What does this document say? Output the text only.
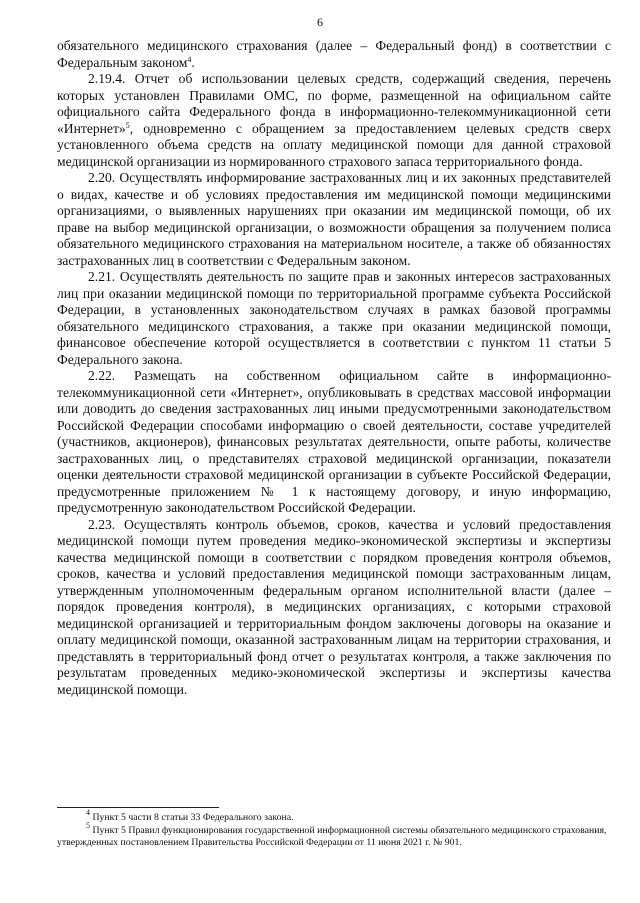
6

обязательного медицинского страхования (далее – Федеральный фонд) в соответствии с Федеральным законом$^4$.

2.19.4. Отчет об использовании целевых средств, содержащий сведения, перечень которых установлен Правилами ОМС, по форме, размещенной на официальном сайте официального сайта Федерального фонда в информационно-телекоммуникационной сети «Интернет»$^5$, одновременно с обращением за предоставлением целевых средств сверх установленного объема средств на оплату медицинской помощи для данной страховой медицинской организации из нормированного страхового запаса территориального фонда.

2.20. Осуществлять информирование застрахованных лиц и их законных представителей о видах, качестве и об условиях предоставления им медицинской помощи медицинскими организациями, о выявленных нарушениях при оказании им медицинской помощи, об их праве на выбор медицинской организации, о возможности обращения за получением полиса обязательного медицинского страхования на материальном носителе, а также об обязанностях застрахованных лиц в соответствии с Федеральным законом.

2.21. Осуществлять деятельность по защите прав и законных интересов застрахованных лиц при оказании медицинской помощи по территориальной программе субъекта Российской Федерации, в установленных законодательством случаях в рамках базовой программы обязательного медицинского страхования, а также при оказании медицинской помощи, финансовое обеспечение которой осуществляется в соответствии с пунктом 11 статьи 5 Федерального закона.

2.22. Размещать на собственном официальном сайте в информационно-телекоммуникационной сети «Интернет», опубликовывать в средствах массовой информации или доводить до сведения застрахованных лиц иными предусмотренными законодательством Российской Федерации способами информацию о своей деятельности, составе учредителей (участников, акционеров), финансовых результатах деятельности, опыте работы, количестве застрахованных лиц, о представителях страховой медицинской организации, показатели оценки деятельности страховой медицинской организации в субъекте Российской Федерации, предусмотренные приложением № 1 к настоящему договору, и иную информацию, предусмотренную законодательством Российской Федерации.

2.23. Осуществлять контроль объемов, сроков, качества и условий предоставления медицинской помощи путем проведения медико-экономической экспертизы и экспертизы качества медицинской помощи в соответствии с порядком проведения контроля объемов, сроков, качества и условий предоставления медицинской помощи застрахованным лицам, утвержденным уполномоченным федеральным органом исполнительной власти (далее – порядок проведения контроля), в медицинских организациях, с которыми страховой медицинской организацией и территориальным фондом заключены договоры на оказание и оплату медицинской помощи, оказанной застрахованным лицам на территории страхования, и представлять в территориальный фонд отчет о результатах контроля, а также заключения по результатам проведенных медико-экономической экспертизы и экспертизы качества медицинской помощи.

$^4$ Пункт 5 части 8 статьи 33 Федерального закона.

$^5$ Пункт 5 Правил функционирования государственной информационной системы обязательного медицинского страхования, утвержденных постановлением Правительства Российской Федерации от 11 июня 2021 г. № 901.
